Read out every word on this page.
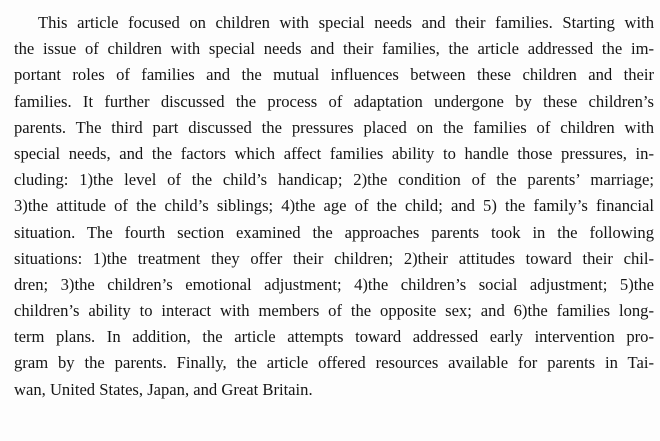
This article focused on children with special needs and their families. Starting with
the issue of children with special needs and their families, the article addressed the im-
portant roles of families and the mutual influences between these children and their
families. It further discussed the process of adaptation undergone by these children’s
parents. The third part discussed the pressures placed on the families of children with
special needs, and the factors which affect families ability to handle those pressures, in-
cluding: 1)the level of the child’s handicap; 2)the condition of the parents’ marriage;
3)the attitude of the child’s siblings; 4)the age of the child; and 5) the family’s financial
situation. The fourth section examined the approaches parents took in the following
situations: 1)the treatment they offer their children; 2)their attitudes toward their chil-
dren; 3)the children’s emotional adjustment; 4)the children’s social adjustment; 5)the
children’s ability to interact with members of the opposite sex; and 6)the families long-
term plans. In addition, the article attempts toward addressed early intervention pro-
gram by the parents. Finally, the article offered resources available for parents in Tai-
wan, United States, Japan, and Great Britain.
